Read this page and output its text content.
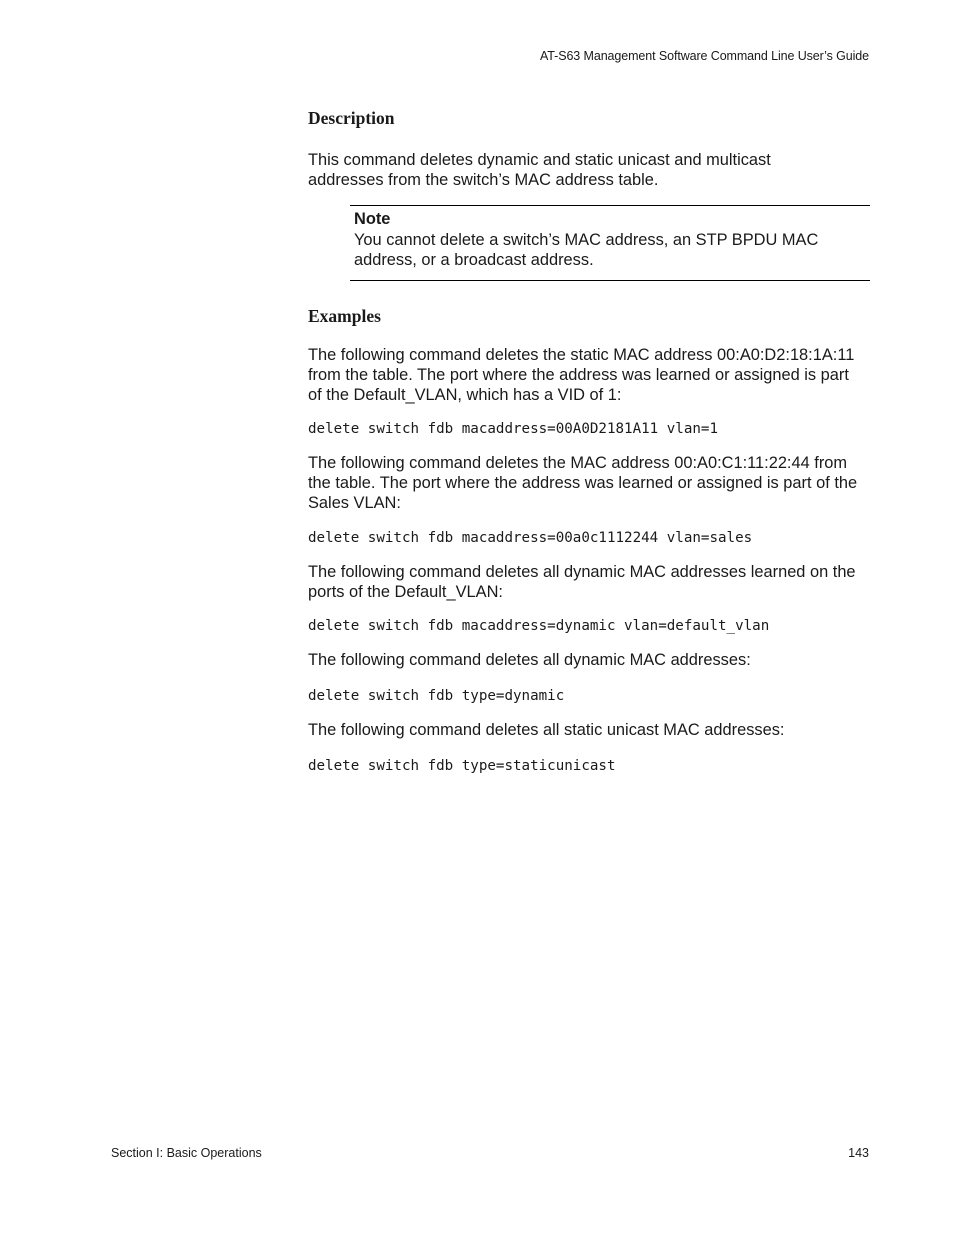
AT-S63 Management Software Command Line User’s Guide
Description

This command deletes dynamic and static unicast and multicast addresses from the switch’s MAC address table.

Note

You cannot delete a switch’s MAC address, an STP BPDU MAC address, or a broadcast address.

Examples

The following command deletes the static MAC address 00:A0:D2:18:1A:11 from the table. The port where the address was learned or assigned is part of the Default_VLAN, which has a VID of 1:

delete switch fdb macaddress=00A0D2181A11 vlan=1

The following command deletes the MAC address 00:A0:C1:11:22:44 from the table. The port where the address was learned or assigned is part of the Sales VLAN:

delete switch fdb macaddress=00a0c1112244 vlan=sales

The following command deletes all dynamic MAC addresses learned on the ports of the Default_VLAN:

delete switch fdb macaddress=dynamic vlan=default_vlan

The following command deletes all dynamic MAC addresses:

delete switch fdb type=dynamic

The following command deletes all static unicast MAC addresses:

delete switch fdb type=staticunicast

Section I: Basic Operations	143
